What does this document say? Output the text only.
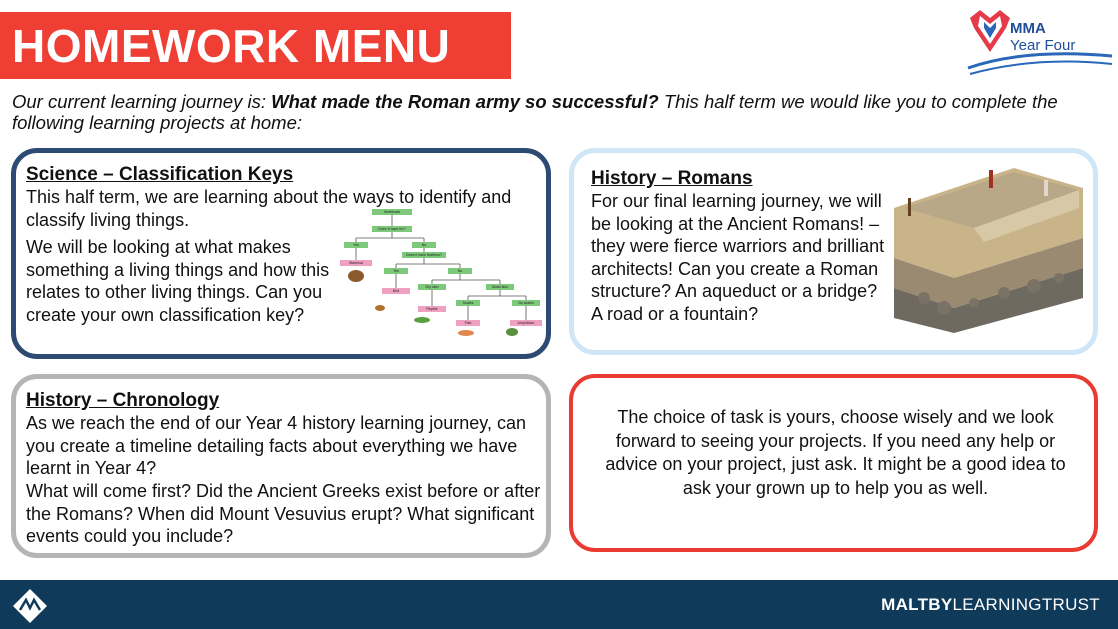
HOMEWORK MENU	MMA
Year Four
Our current learning journey is: What made the Roman army so successful? This half term we would like you to complete the following learning projects at home:
Science – Classification Keys
This half term, we are learning about the ways to identify and classify living things.
We will be looking at what makes something a living things and how this relates to other living things. Can you create your own classification key?
Vertebrate
Does it have fur?
Yes	No
Mammal
Does it have feathers?
Yes	No
Bird
Dry skin	Moist skin
Reptile
Scales	No scales
Fish	Amphibian
History – Romans
For our final learning journey, we will be looking at the Ancient Romans! – they were fierce warriors and brilliant architects! Can you create a Roman structure? An aqueduct or a bridge? A road or a fountain?
History – Chronology
As we reach the end of our Year 4 history learning journey, can you create a timeline detailing facts about everything we have learnt in Year 4?
What will come first? Did the Ancient Greeks exist before or after the Romans? When did Mount Vesuvius erupt? What significant events could you include?
The choice of task is yours, choose wisely and we look forward to seeing your projects. If you need any help or advice on your project, just ask. It might be a good idea to ask your grown up to help you as well.
MALTBYLEARNINGTRUST
